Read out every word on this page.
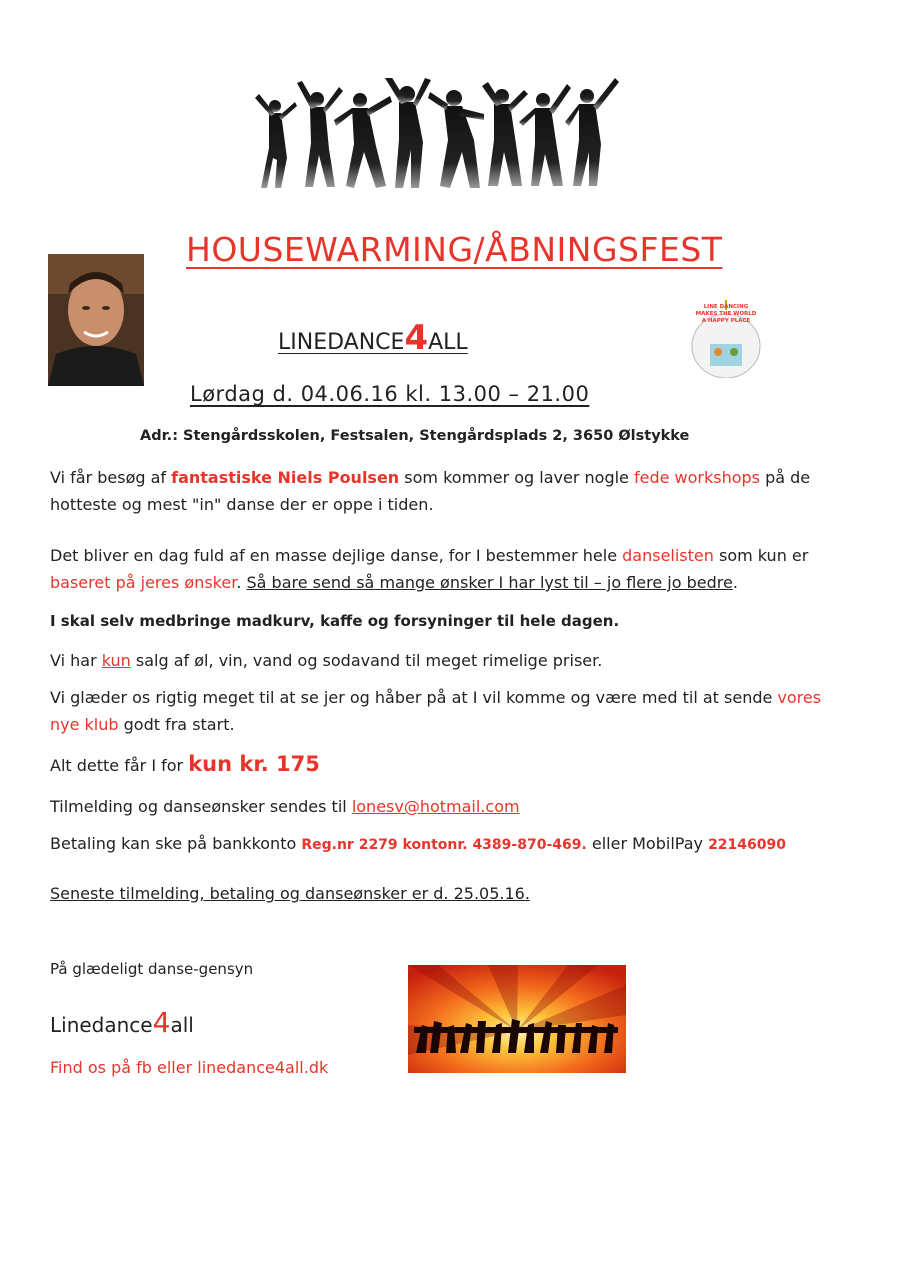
HOUSEWARMING/ÅBNINGSFEST
LINEDANCE4ALL
LINE DANCING
MAKES THE WORLD
A HAPPY PLACE
Lørdag d. 04.06.16 kl. 13.00 – 21.00
Adr.: Stengårdsskolen, Festsalen, Stengårdsplads 2, 3650 Ølstykke
Vi får besøg af fantastiske Niels Poulsen som kommer og laver nogle fede workshops på de hotteste og mest "in" danse der er oppe i tiden.
Det bliver en dag fuld af en masse dejlige danse, for I bestemmer hele danselisten som kun er baseret på jeres ønsker. Så bare send så mange ønsker I har lyst til – jo flere jo bedre.
I skal selv medbringe madkurv, kaffe og forsyninger til hele dagen.
Vi har kun salg af øl, vin, vand og sodavand til meget rimelige priser.
Vi glæder os rigtig meget til at se jer og håber på at I vil komme og være med til at sende vores nye klub godt fra start.
Alt dette får I for kun kr. 175
Tilmelding og danseønsker sendes til lonesv@hotmail.com
Betaling kan ske på bankkonto Reg.nr 2279 kontonr. 4389-870-469. eller MobilPay 22146090
Seneste tilmelding, betaling og danseønsker er d. 25.05.16.
På glædeligt danse-gensyn
Linedance4all
Find os på fb eller linedance4all.dk
